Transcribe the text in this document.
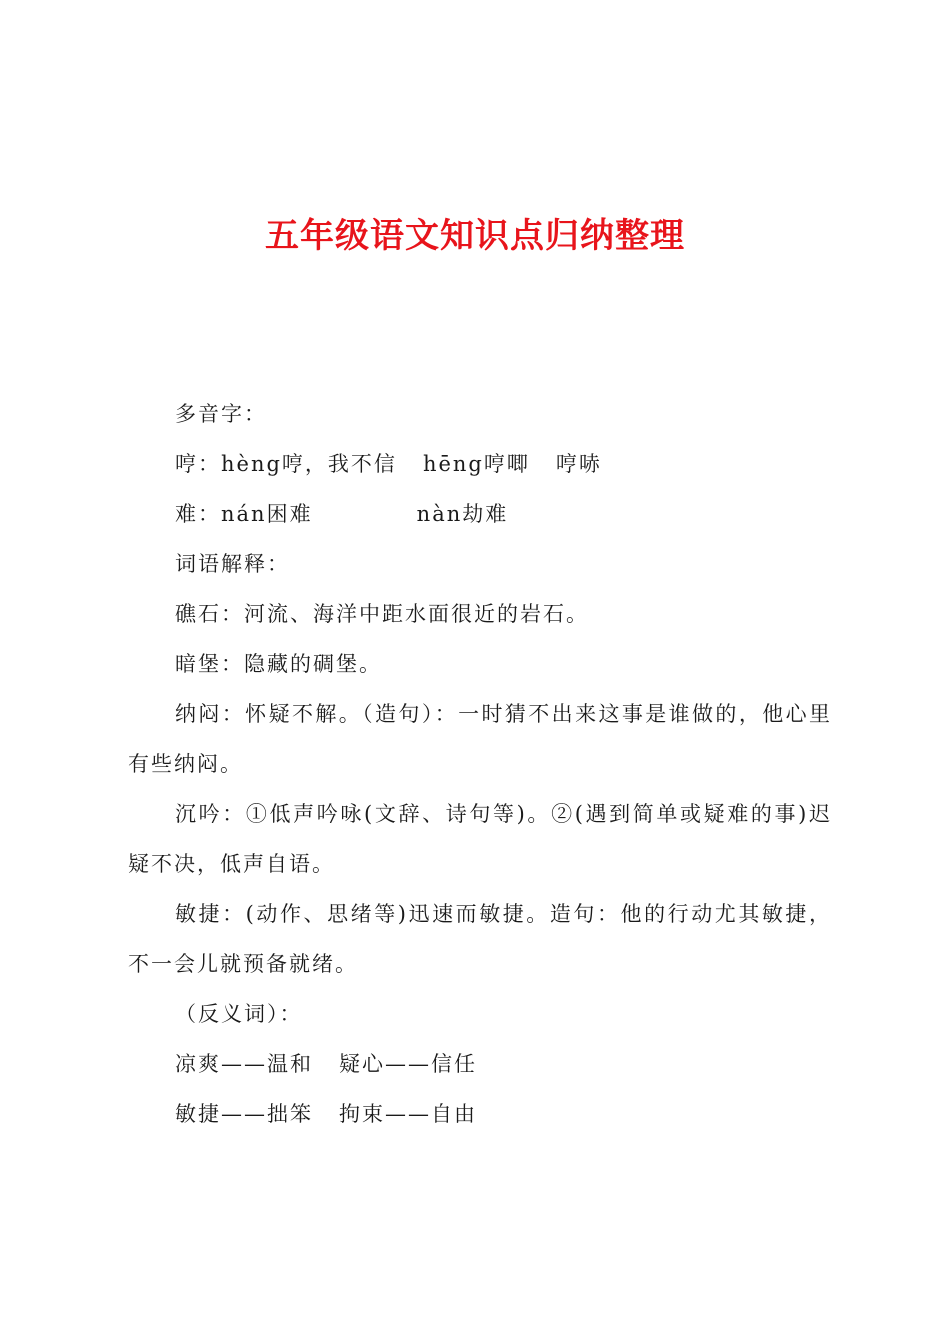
五年级语文知识点归纳整理

多音字：

哼：hèng哼，我不信   hēng哼唧   哼哧

难：nán困难            nàn劫难

词语解释：

礁石：河流、海洋中距水面很近的岩石。

暗堡：隐藏的碉堡。

纳闷：怀疑不解。（造句）：一时猜不出来这事是谁做的，他心里有些纳闷。

沉吟：①低声吟咏(文辞、诗句等)。②(遇到简单或疑难的事)迟疑不决，低声自语。

敏捷：(动作、思绪等)迅速而敏捷。造句：他的行动尤其敏捷，不一会儿就预备就绪。

（反义词）：

凉爽——温和   疑心——信任

敏捷——拙笨   拘束——自由
